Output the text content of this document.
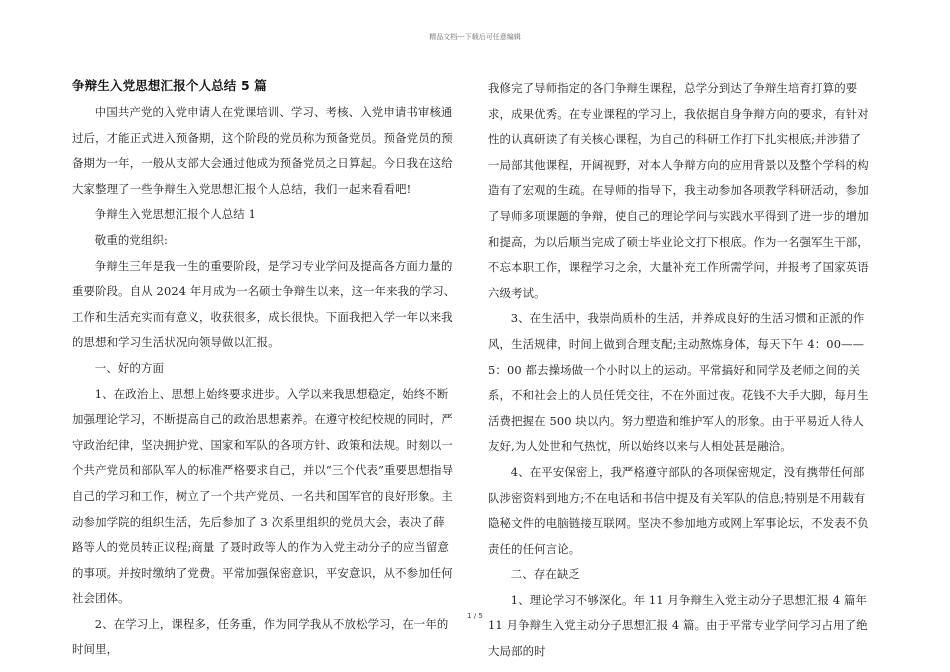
精品文档---下载后可任意编辑
争辩生入党思想汇报个人总结 5 篇

中国共产党的入党申请人在党课培训、学习、考核、入党申请书审核通过后，才能正式进入预备期，这个阶段的党员称为预备党员。预备党员的预备期为一年，一般从支部大会通过他成为预备党员之日算起。今日我在这给大家整理了一些争辩生入党思想汇报个人总结，我们一起来看看吧!

争辩生入党思想汇报个人总结 1

敬重的党组织:

争辩生三年是我一生的重要阶段，是学习专业学问及提高各方面力量的重要阶段。自从 2024 年月成为一名硕士争辩生以来，这一年来我的学习、工作和生活充实而有意义，收获很多，成长很快。下面我把入学一年以来我的思想和学习生活状况向领导做以汇报。

一、好的方面

1、在政治上、思想上始终要求进步。入学以来我思想稳定，始终不断加强理论学习，不断提高自己的政治思想素养。在遵守校纪校规的同时，严守政治纪律，坚决拥护党、国家和军队的各项方针、政策和法规。时刻以一个共产党员和部队军人的标准严格要求自己，并以“三个代表”重要思想指导自己的学习和工作，树立了一个共产党员、一名共和国军官的良好形象。主动参加学院的组织生活，先后参加了 3 次系里组织的党员大会，表决了薛路等人的党员转正议程;商量 了聂时政等人的作为入党主动分子的应当留意的事项。并按时缴纳了党费。平常加强保密意识，平安意识，从不参加任何社会团体。

2、在学习上，课程多，任务重，作为同学我从不放松学习，在一年的时间里，

我修完了导师指定的各门争辩生课程，总学分到达了争辩生培育打算的要求，成果优秀。在专业课程的学习上，我依据自身争辩方向的要求，有针对性的认真研读了有关核心课程，为自己的科研工作打下扎实根底;并涉猎了一局部其他课程，开阔视野，对本人争辩方向的应用背景以及整个学科的构造有了宏观的生疏。在导师的指导下，我主动参加各项教学科研活动，参加了导师多项课题的争辩，使自己的理论学问与实践水平得到了进一步的增加和提高，为以后顺当完成了硕士毕业论文打下根底。作为一名强军生干部，不忘本职工作，课程学习之余，大量补充工作所需学问，并报考了国家英语六级考试。

3、在生活中，我崇尚质朴的生活，并养成良好的生活习惯和正派的作风，生活规律，时间上做到合理支配;主动熬炼身体，每天下午 4：00——5：00 都去操场做一个小时以上的运动。平常搞好和同学及老师之间的关系，不和社会上的人员任凭交往，不在外面过夜。花钱不大手大脚，每月生活费把握在 500 块以内。努力塑造和维护军人的形象。由于平易近人待人友好,为人处世和气热忱，所以始终以来与人相处甚是融洽。

4、在平安保密上，我严格遵守部队的各项保密规定，没有携带任何部队涉密资料到地方;不在电话和书信中提及有关军队的信息;特别是不用载有隐秘文件的电脑链接互联网。坚决不参加地方或网上军事论坛，不发表不负责任的任何言论。

二、存在缺乏

1、理论学习不够深化。年 11 月争辩生入党主动分子思想汇报 4 篇年 11 月争辩生入党主动分子思想汇报 4 篇。由于平常专业学问学习占用了绝大局部的时

1 / 5
